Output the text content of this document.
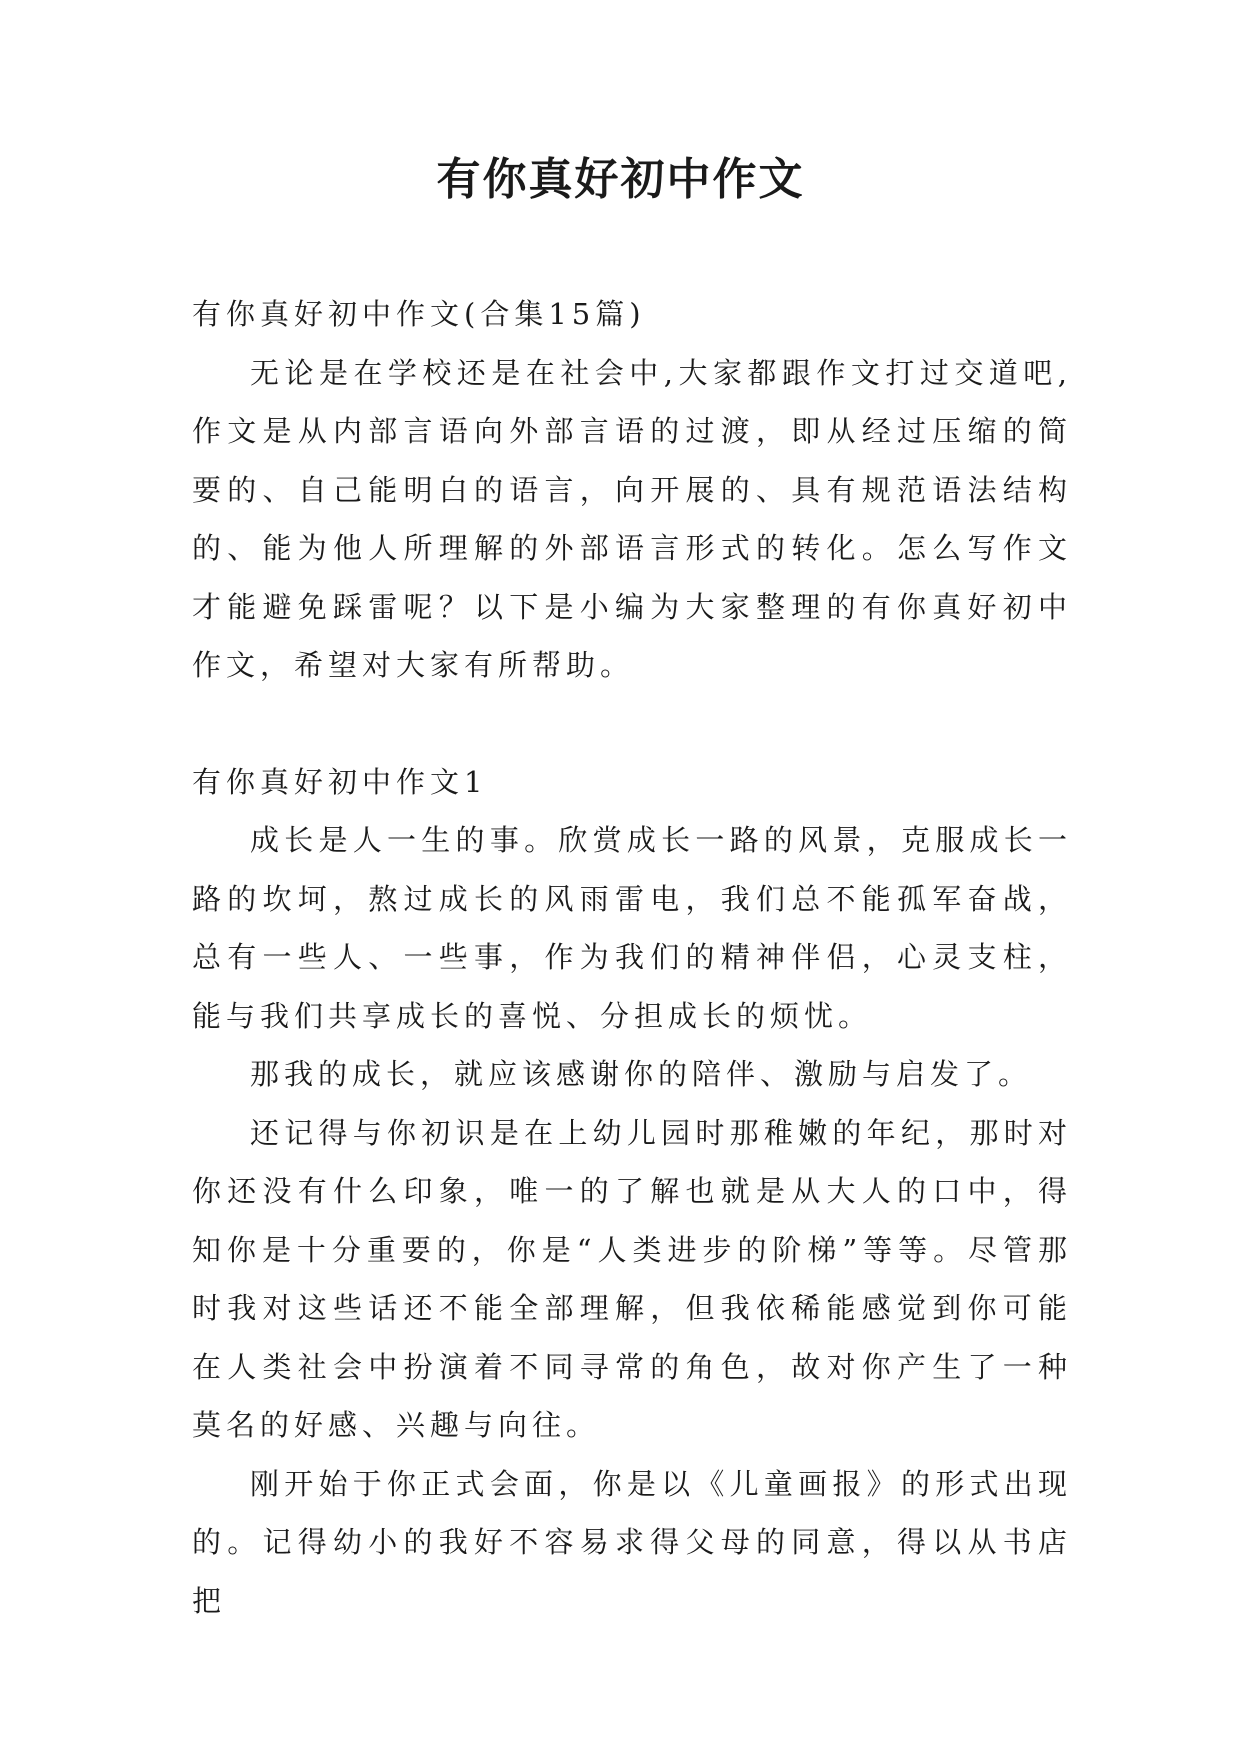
有你真好初中作文

有你真好初中作文(合集15篇)

无论是在学校还是在社会中,大家都跟作文打过交道吧,作文是从内部言语向外部言语的过渡，即从经过压缩的简要的、自己能明白的语言，向开展的、具有规范语法结构的、能为他人所理解的外部语言形式的转化。怎么写作文才能避免踩雷呢？以下是小编为大家整理的有你真好初中作文，希望对大家有所帮助。

有你真好初中作文1

成长是人一生的事。欣赏成长一路的风景，克服成长一路的坎坷，熬过成长的风雨雷电，我们总不能孤军奋战，总有一些人、一些事，作为我们的精神伴侣，心灵支柱，能与我们共享成长的喜悦、分担成长的烦忧。

那我的成长，就应该感谢你的陪伴、激励与启发了。

还记得与你初识是在上幼儿园时那稚嫩的年纪，那时对你还没有什么印象，唯一的了解也就是从大人的口中，得知你是十分重要的，你是“人类进步的阶梯”等等。尽管那时我对这些话还不能全部理解，但我依稀能感觉到你可能在人类社会中扮演着不同寻常的角色，故对你产生了一种莫名的好感、兴趣与向往。

刚开始于你正式会面，你是以《儿童画报》的形式出现的。记得幼小的我好不容易求得父母的同意，得以从书店把
